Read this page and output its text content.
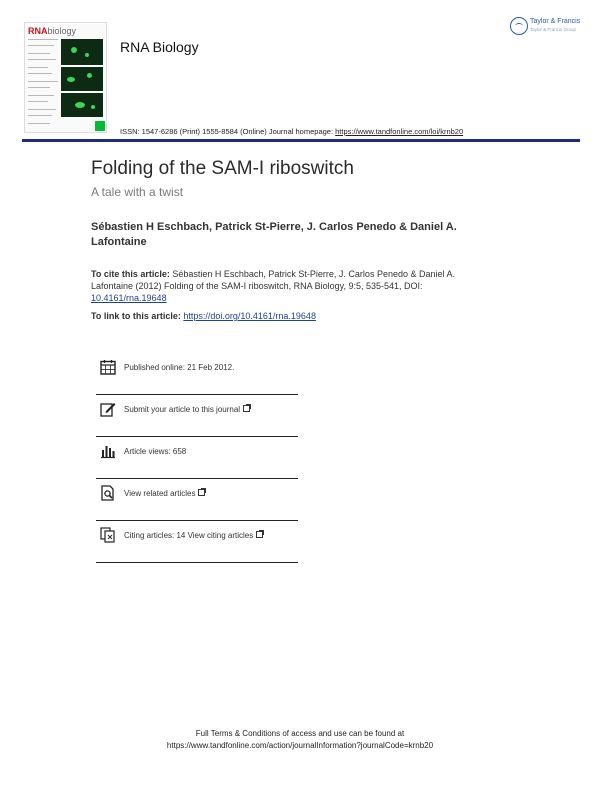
RNAbiology
RNA Biology
ISSN: 1547-6286 (Print) 1555-8584 (Online) Journal homepage: https://www.tandfonline.com/loi/krnb20
Taylor & Francis
Taylor & Francis Group
Folding of the SAM-I riboswitch
A tale with a twist
Sébastien H Eschbach, Patrick St-Pierre, J. Carlos Penedo & Daniel A. Lafontaine
To cite this article: Sébastien H Eschbach, Patrick St-Pierre, J. Carlos Penedo & Daniel A. Lafontaine (2012) Folding of the SAM-I riboswitch, RNA Biology, 9:5, 535-541, DOI: 10.4161/rna.19648
To link to this article: https://doi.org/10.4161/rna.19648
Published online: 21 Feb 2012.
Submit your article to this journal
Article views: 658
View related articles
Citing articles: 14 View citing articles
Full Terms & Conditions of access and use can be found at
https://www.tandfonline.com/action/journalInformation?journalCode=krnb20
